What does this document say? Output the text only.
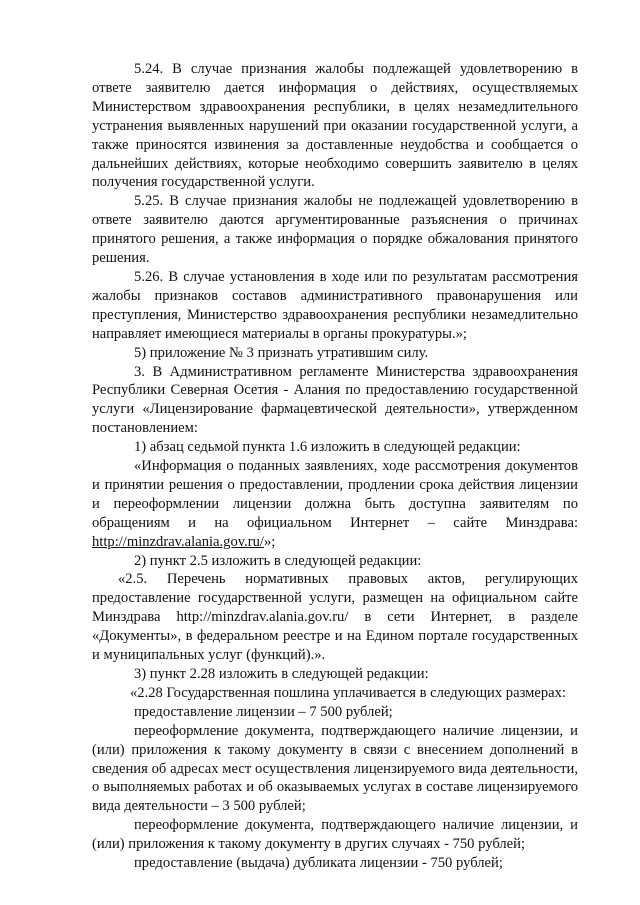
5.24. В случае признания жалобы подлежащей удовлетворению в ответе заявителю дается информация о действиях, осуществляемых Министерством здравоохранения республики, в целях незамедлительного устранения выявленных нарушений при оказании государственной услуги, а также приносятся извинения за доставленные неудобства и сообщается о дальнейших действиях, которые необходимо совершить заявителю в целях получения государственной услуги.

5.25. В случае признания жалобы не подлежащей удовлетворению в ответе заявителю даются аргументированные разъяснения о причинах принятого решения, а также информация о порядке обжалования принятого решения.

5.26. В случае установления в ходе или по результатам рассмотрения жалобы признаков составов административного правонарушения или преступления, Министерство здравоохранения республики незамедлительно направляет имеющиеся материалы в органы прокуратуры.»;

5) приложение № 3 признать утратившим силу.

3. В Административном регламенте Министерства здравоохранения Республики Северная Осетия - Алания по предоставлению государственной услуги «Лицензирование фармацевтической деятельности», утвержденном постановлением:

1) абзац седьмой пункта 1.6 изложить в следующей редакции:

«Информация о поданных заявлениях, ходе рассмотрения документов и принятии решения о предоставлении, продлении срока действия лицензии и переоформлении лицензии должна быть доступна заявителям по обращениям и на официальном Интернет – сайте Минздрава: http://minzdrav.alania.gov.ru/»;

2) пункт 2.5 изложить в следующей редакции:

«2.5. Перечень нормативных правовых актов, регулирующих предоставление государственной услуги, размещен на официальном сайте Минздрава http://minzdrav.alania.gov.ru/ в сети Интернет, в разделе «Документы», в федеральном реестре и на Едином портале государственных и муниципальных услуг (функций).».

3) пункт 2.28 изложить в следующей редакции:

«2.28 Государственная пошлина уплачивается в следующих размерах:

предоставление лицензии – 7 500 рублей;

переоформление документа, подтверждающего наличие лицензии, и (или) приложения к такому документу в связи с внесением дополнений в сведения об адресах мест осуществления лицензируемого вида деятельности, о выполняемых работах и об оказываемых услугах в составе лицензируемого вида деятельности – 3 500 рублей;

переоформление документа, подтверждающего наличие лицензии, и (или) приложения к такому документу в других случаях - 750 рублей;

предоставление (выдача) дубликата лицензии - 750 рублей;
